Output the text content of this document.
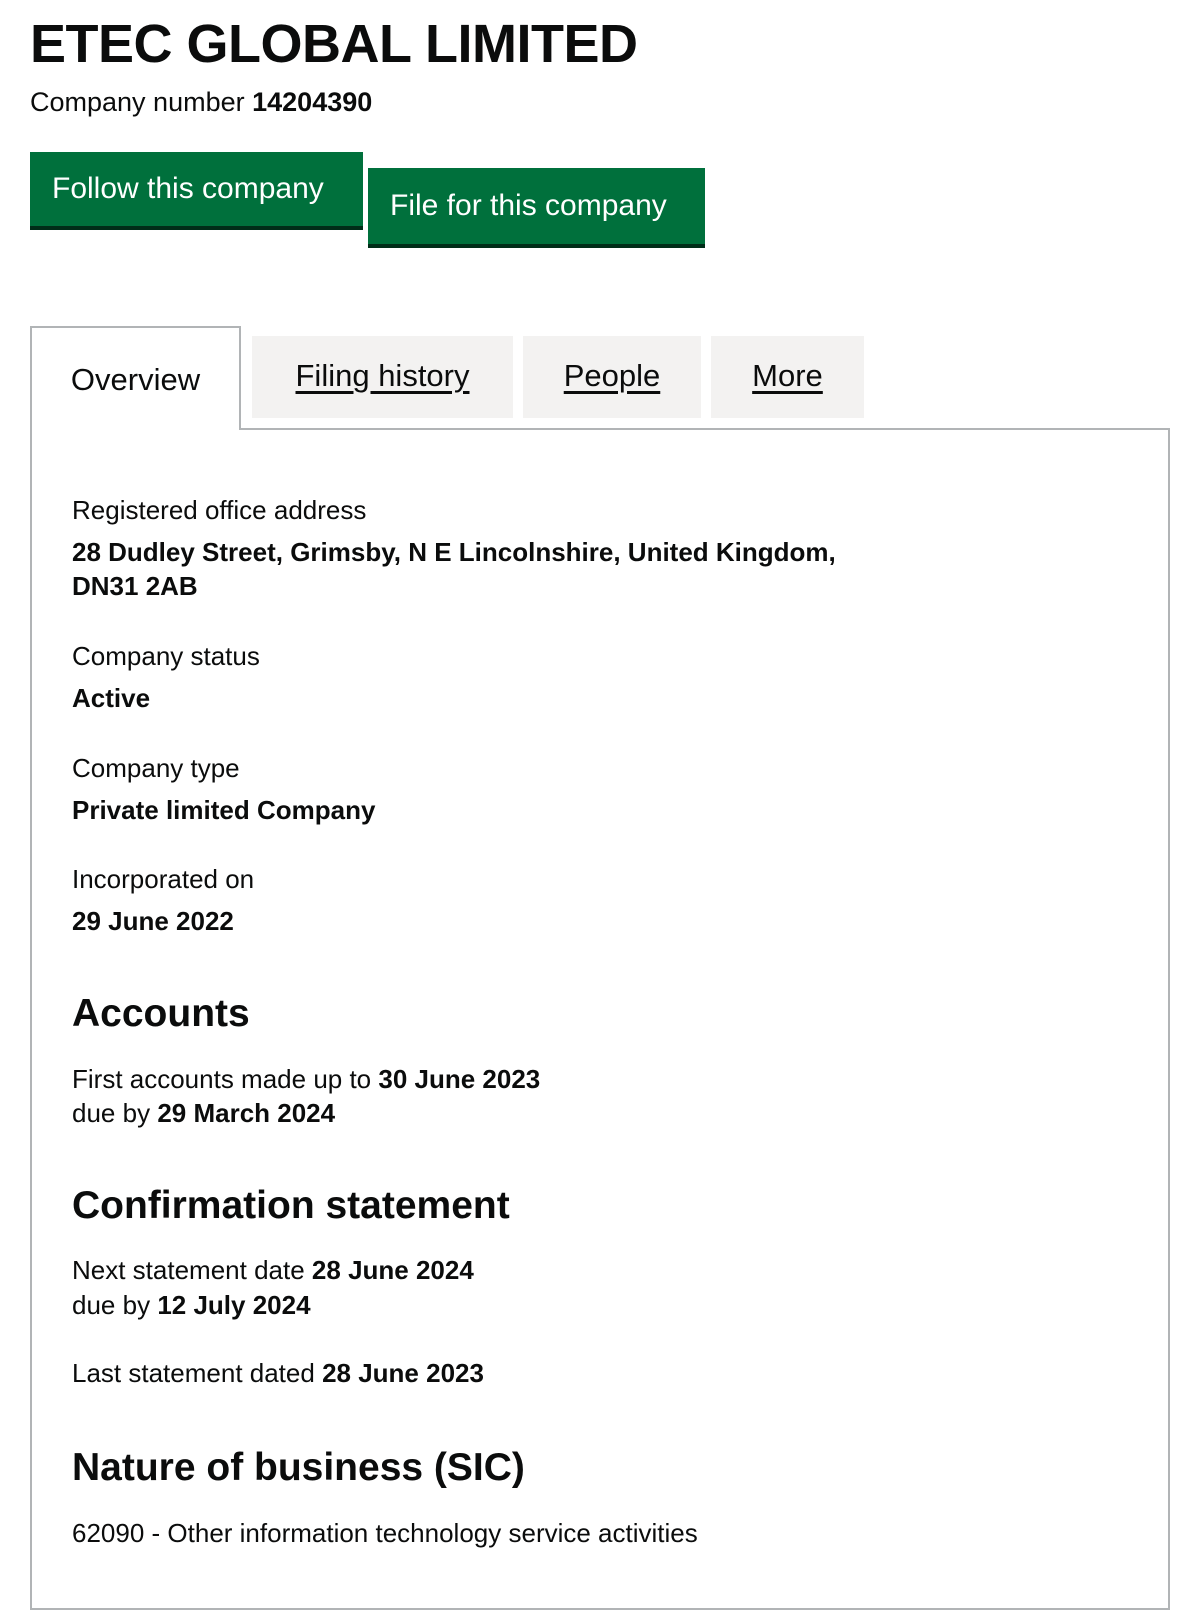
ETEC GLOBAL LIMITED
Company number 14204390
Follow this company
File for this company
Overview	Filing history	People	More
Registered office address
28 Dudley Street, Grimsby, N E Lincolnshire, United Kingdom,
DN31 2AB
Company status
Active
Company type
Private limited Company
Incorporated on
29 June 2022
Accounts
First accounts made up to 30 June 2023
due by 29 March 2024
Confirmation statement
Next statement date 28 June 2024
due by 12 July 2024
Last statement dated 28 June 2023
Nature of business (SIC)
62090 - Other information technology service activities
